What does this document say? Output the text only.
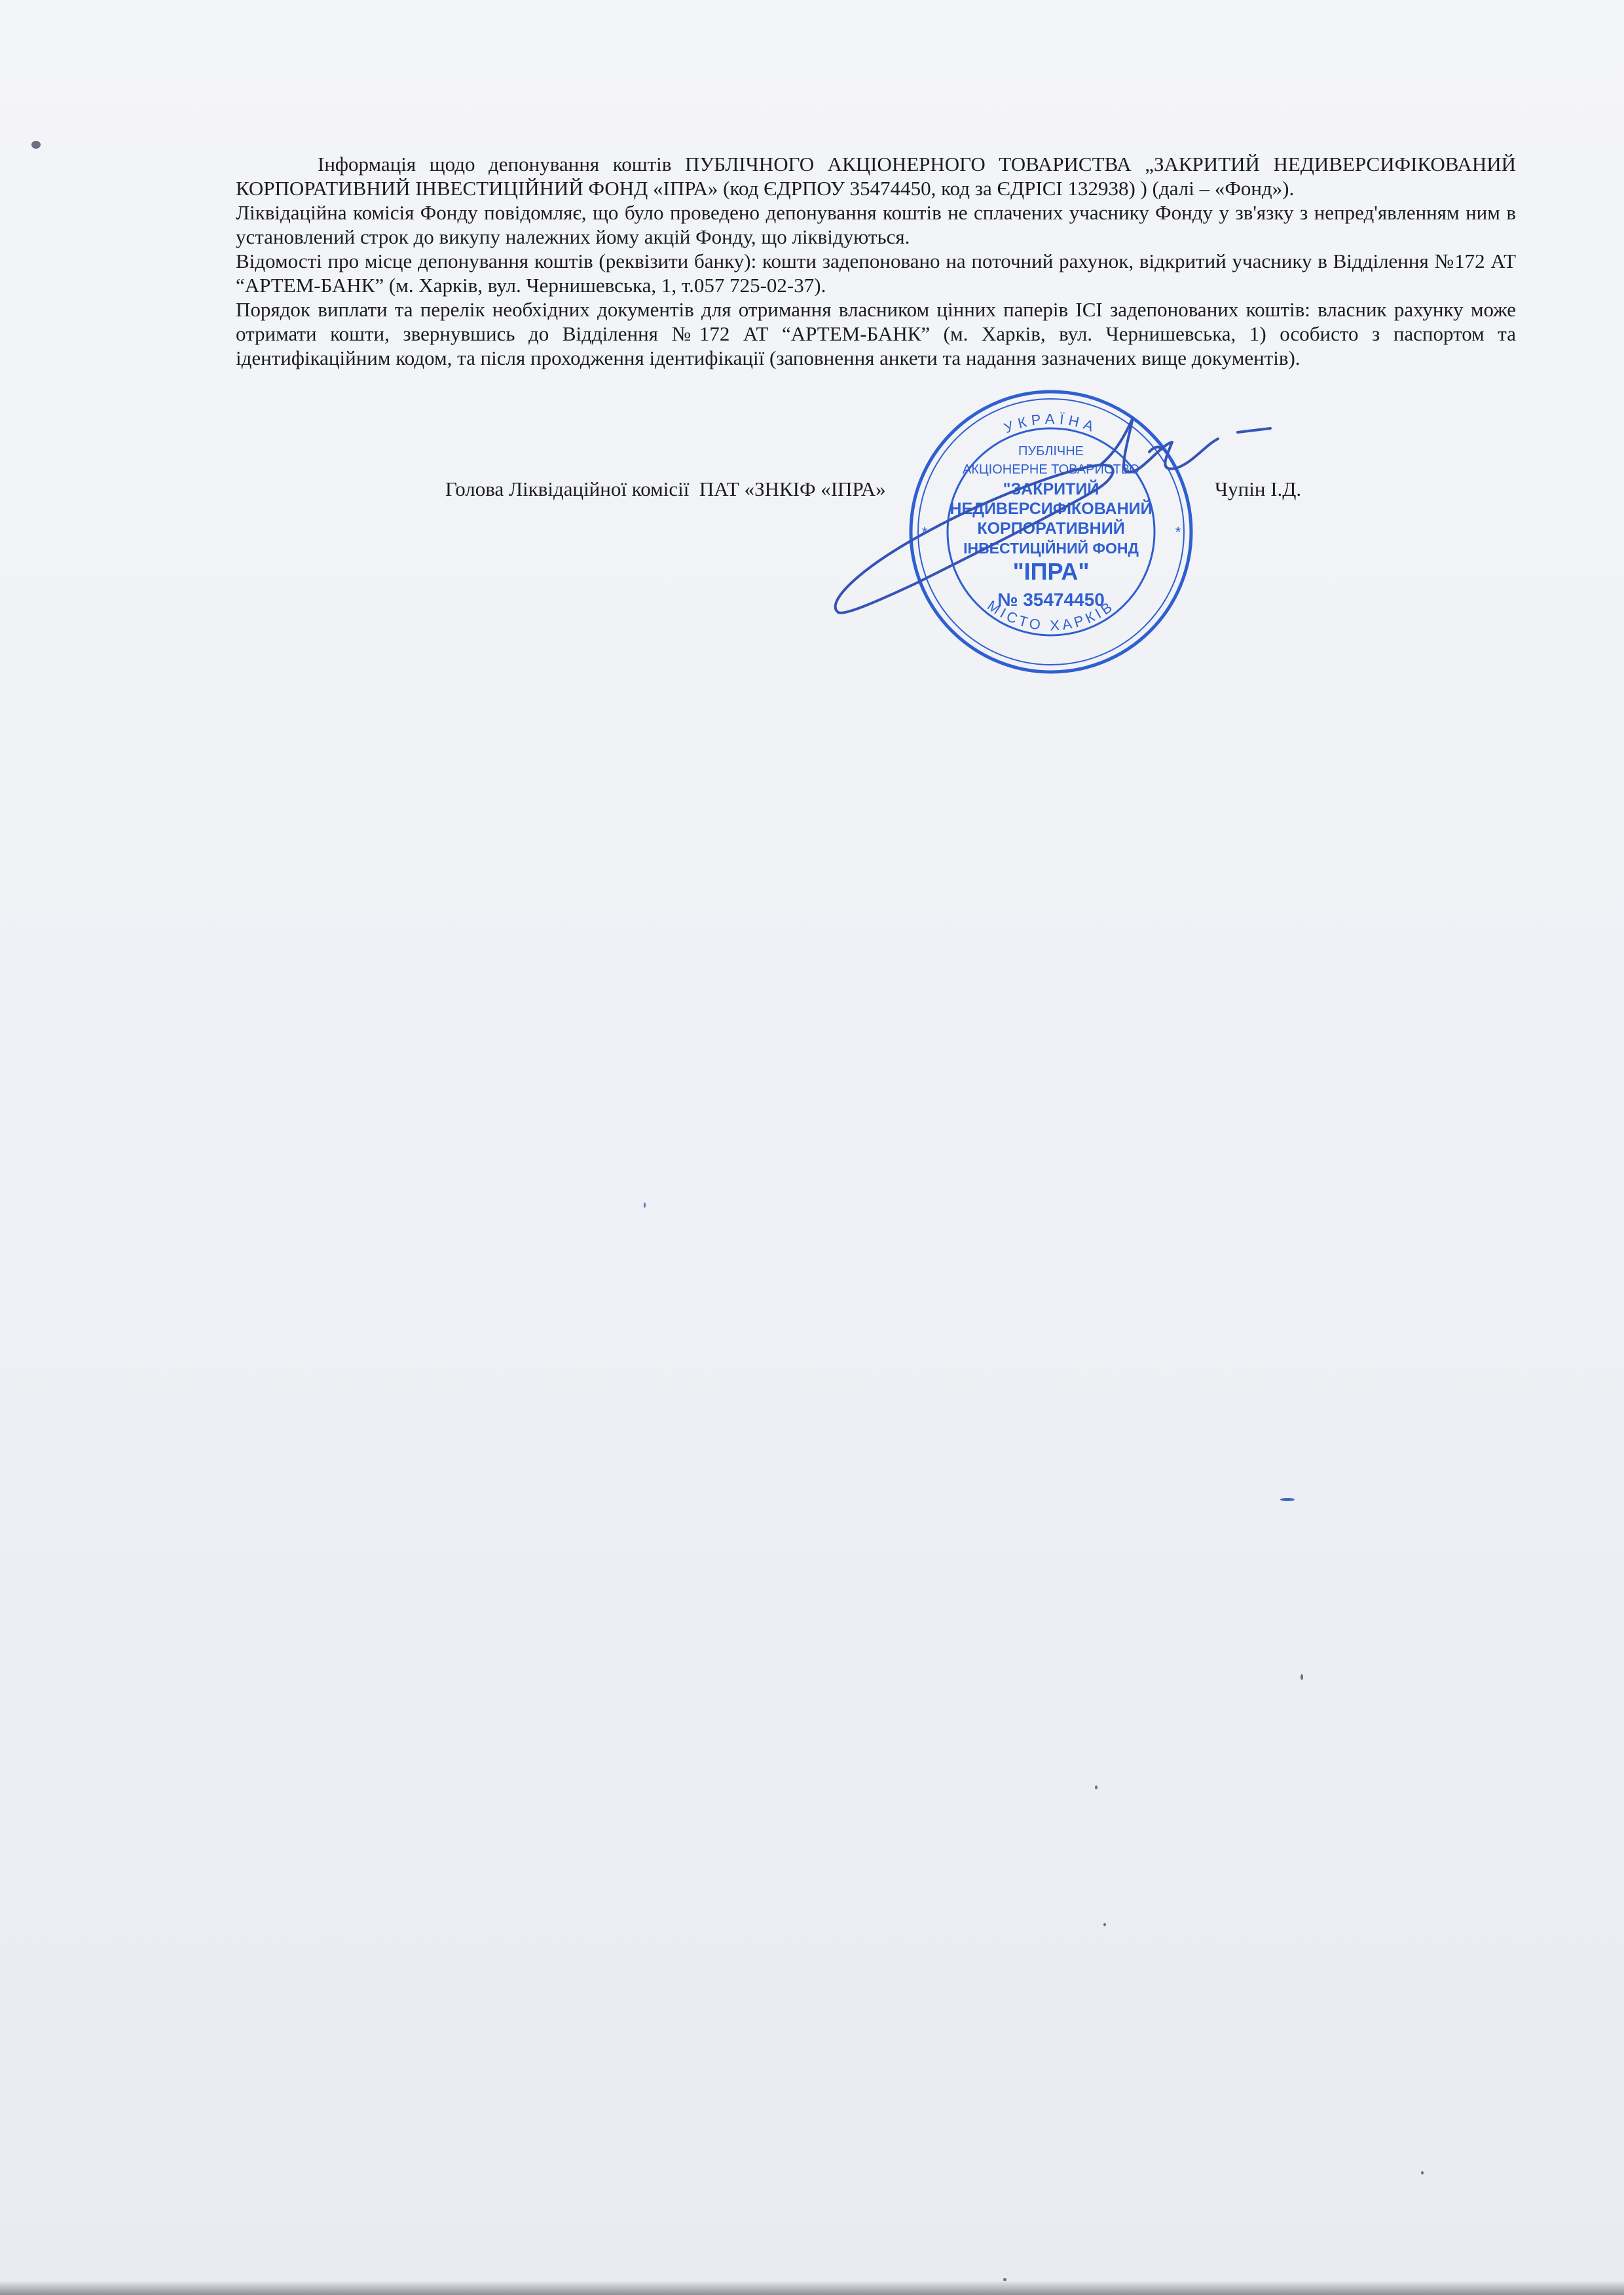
Інформація щодо депонування коштів ПУБЛІЧНОГО АКЦІОНЕРНОГО ТОВАРИСТВА „ЗАКРИТИЙ НЕДИВЕРСИФІКОВАНИЙ КОРПОРАТИВНИЙ ІНВЕСТИЦІЙНИЙ ФОНД «ІПРА» (код ЄДРПОУ 35474450, код за ЄДРІСІ 132938) ) (далі – «Фонд»).

Ліквідаційна комісія Фонду повідомляє, що було проведено депонування коштів не сплачених учаснику Фонду у зв'язку з непред'явленням ним в установлений строк до викупу належних йому акцій Фонду, що ліквідуються.

Відомості про місце депонування коштів (реквізити банку): кошти задепоновано на поточний рахунок, відкритий учаснику в Відділення №172 АТ “АРТЕМ-БАНК” (м. Харків, вул. Чернишевська, 1, т.057 725-02-37).

Порядок виплати та перелік необхідних документів для отримання власником цінних паперів ІСІ задепонованих коштів: власник рахунку може отримати кошти, звернувшись до Відділення №172 АТ “АРТЕМ-БАНК” (м. Харків, вул. Чернишевська, 1) особисто з паспортом та ідентифікаційним кодом, та після проходження ідентифікації (заповнення анкети та надання зазначених вище документів).

Голова Ліквідаційної комісії  ПАТ «ЗНКІФ «ІПРА»	Чупін І.Д.
УКРАЇНА
МІСТО ХАРКІВ
*	*
ПУБЛІЧНЕ
АКЦІОНЕРНЕ ТОВАРИСТВО
"ЗАКРИТИЙ
НЕДИВЕРСИФІКОВАНИЙ
КОРПОРАТИВНИЙ
ІНВЕСТИЦІЙНИЙ ФОНД
"ІПРА"
№ 35474450
